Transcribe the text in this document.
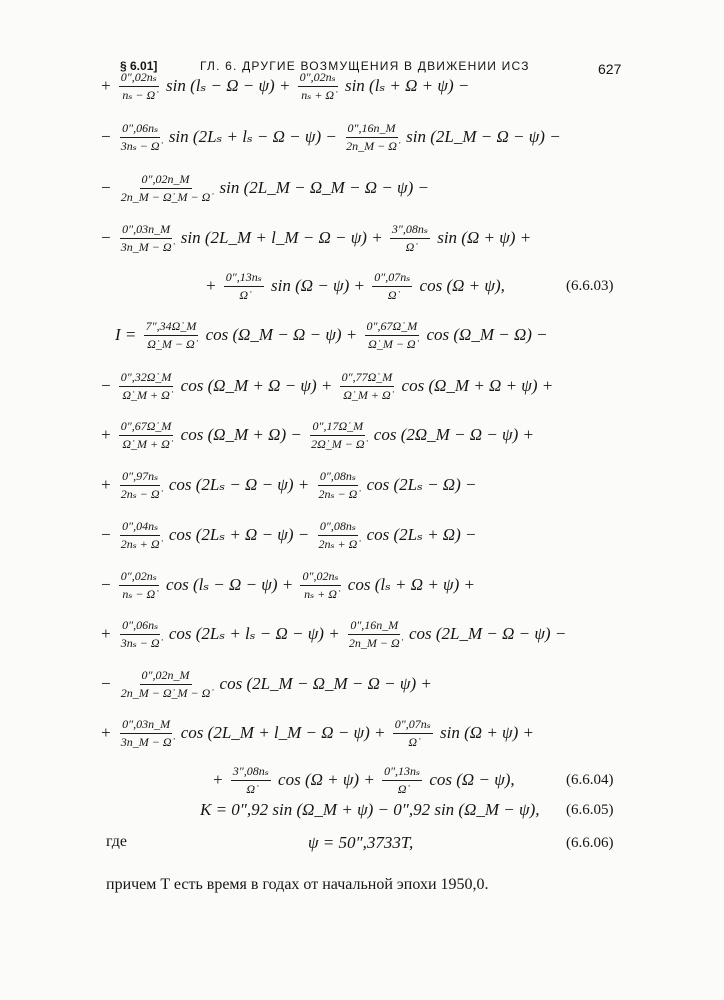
§ 6.01]	ГЛ. 6. ДРУГИЕ ВОЗМУЩЕНИЯ В ДВИЖЕНИИ ИСЗ	627
+ $\frac{\text{0″,02nₛ}}{\text{nₛ − Ω̇}}$ $\sin (l_s - \Omega - \psi) + \frac{\text{0″,02nₛ}}{\text{nₛ + Ω̇}}$ sin (lₛ + Ω + ψ) −
− $\frac{\text{0″,06nₛ}}{\text{3nₛ − Ω̇}}$ $\sin (2L_s + l_s - \Omega - \psi) - \frac{0'',16n\_M}{2n\_M - \Omegȧ}$ sin (2L_M − Ω − ψ) −
− $\frac{0'',02n\_M}{2n\_M - \Omegȧ\_M - \Omegȧ}$ sin (2L_M − Ω_M − Ω − ψ) −
− $\frac{0'',03n\_M}{3n\_M - \Omegȧ}$ sin (2L_M + l_M − $\Omega - \psi) + \frac{\text{3″,08nₛ}}{\Omegȧ}$ sin (Ω + ψ) +
+ $\frac{\text{0″,13nₛ}}{\Omegȧ}$ $\sin (\Omega - \psi) + \frac{\text{0″,07nₛ}}{\Omegȧ}$ cos (Ω + ψ),	(6.6.03)
$I = \frac{7'',34\Omegȧ\_M}{\Omegȧ\_M - \Omegȧ}$ cos (Ω_M − $\Omega - \psi) + \frac{0'',67\Omegȧ\_M}{\Omegȧ\_M - \Omegȧ}$ cos (Ω_M − Ω) −
− $\frac{0'',32\Omegȧ\_M}{\Omegȧ\_M + \Omegȧ}$ cos (Ω_M + $\Omega - \psi) + \frac{0'',77\Omegȧ\_M}{\Omegȧ\_M + \Omegȧ}$ cos (Ω_M + Ω + ψ) +
+ $\frac{0'',67\Omegȧ\_M}{\Omegȧ\_M + \Omegȧ}$ cos (Ω_M + $\Omega) - \frac{0'',17\Omegȧ\_M}{2\Omegȧ\_M - \Omegȧ}$ cos (2Ω_M − Ω − ψ) +
+ $\frac{\text{0″,97nₛ}}{\text{2nₛ − Ω̇}}$ $\cos (2L_s - \Omega - \psi) + \frac{\text{0″,08nₛ}}{\text{2nₛ − Ω̇}}$ cos (2Lₛ − Ω) −
− $\frac{\text{0″,04nₛ}}{\text{2nₛ + Ω̇}}$ $\cos (2L_s + \Omega - \psi) - \frac{\text{0″,08nₛ}}{\text{2nₛ + Ω̇}}$ cos (2Lₛ + Ω) −
− $\frac{\text{0″,02nₛ}}{\text{nₛ − Ω̇}}$ $\cos (l_s - \Omega - \psi) + \frac{\text{0″,02nₛ}}{\text{nₛ + Ω̇}}$ cos (lₛ + Ω + ψ) +
+ $\frac{\text{0″,06nₛ}}{\text{3nₛ − Ω̇}}$ $\cos (2L_s + l_s - \Omega - \psi) + \frac{0'',16n\_M}{2n\_M - \Omegȧ}$ cos (2L_M − Ω − ψ) −
− $\frac{0'',02n\_M}{2n\_M - \Omegȧ\_M - \Omegȧ}$ cos (2L_M − Ω_M − Ω − ψ) +
+ $\frac{0'',03n\_M}{3n\_M - \Omegȧ}$ cos (2L_M + l_M − $\Omega - \psi) + \frac{\text{0″,07nₛ}}{\Omegȧ}$ sin (Ω + ψ) +
+ $\frac{\text{3″,08nₛ}}{\Omegȧ}$ $\cos (\Omega + \psi) + \frac{\text{0″,13nₛ}}{\Omegȧ}$ cos (Ω − ψ),	(6.6.04)
K = 0″,92 sin (Ω_M + ψ) − 0″,92 sin (Ω_M − ψ), (6.6.05)
ψ = 50″,3733T,	(6.6.06)
где
причем T есть время в годах от начальной эпохи 1950,0.
